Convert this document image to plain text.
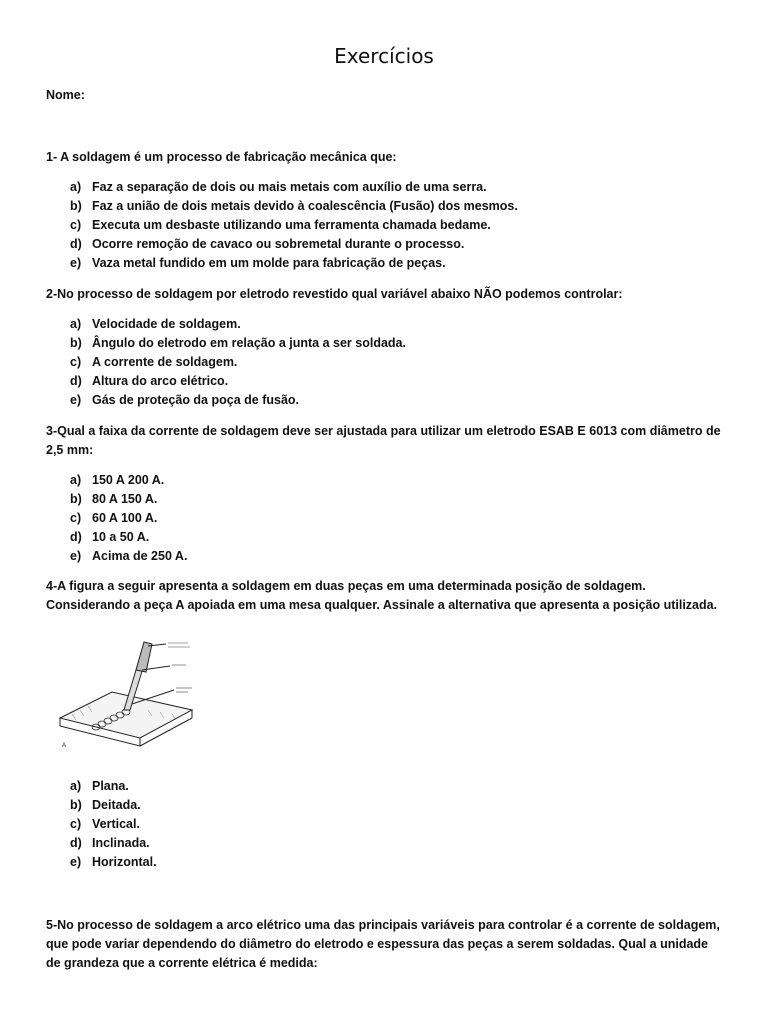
Exercícios
Nome:
1- A soldagem é um processo de fabricação mecânica que:
a) Faz a separação de dois ou mais metais com auxílio de uma serra.
b) Faz a união de dois metais devido à coalescência (Fusão) dos mesmos.
c) Executa um desbaste utilizando uma ferramenta chamada bedame.
d) Ocorre remoção de cavaco ou sobremetal durante o processo.
e) Vaza metal fundido em um molde para fabricação de peças.
2-No processo de soldagem por eletrodo revestido qual variável abaixo NÃO podemos controlar:
a) Velocidade de soldagem.
b) Ângulo do eletrodo em relação a junta a ser soldada.
c) A corrente de soldagem.
d) Altura do arco elétrico.
e) Gás de proteção da poça de fusão.
3-Qual a faixa da corrente de soldagem deve ser ajustada para utilizar um eletrodo ESAB E 6013 com diâmetro de 2,5 mm:
a) 150 A 200 A.
b) 80 A 150 A.
c) 60 A 100 A.
d) 10 a 50 A.
e) Acima de 250 A.
4-A figura a seguir apresenta a soldagem em duas peças em uma determinada posição de soldagem. Considerando a peça A apoiada em uma mesa qualquer. Assinale a alternativa que apresenta a posição utilizada.
A
a) Plana.
b) Deitada.
c) Vertical.
d) Inclinada.
e) Horizontal.
5-No processo de soldagem a arco elétrico uma das principais variáveis para controlar é a corrente de soldagem, que pode variar dependendo do diâmetro do eletrodo e espessura das peças a serem soldadas. Qual a unidade de grandeza que a corrente elétrica é medida:
